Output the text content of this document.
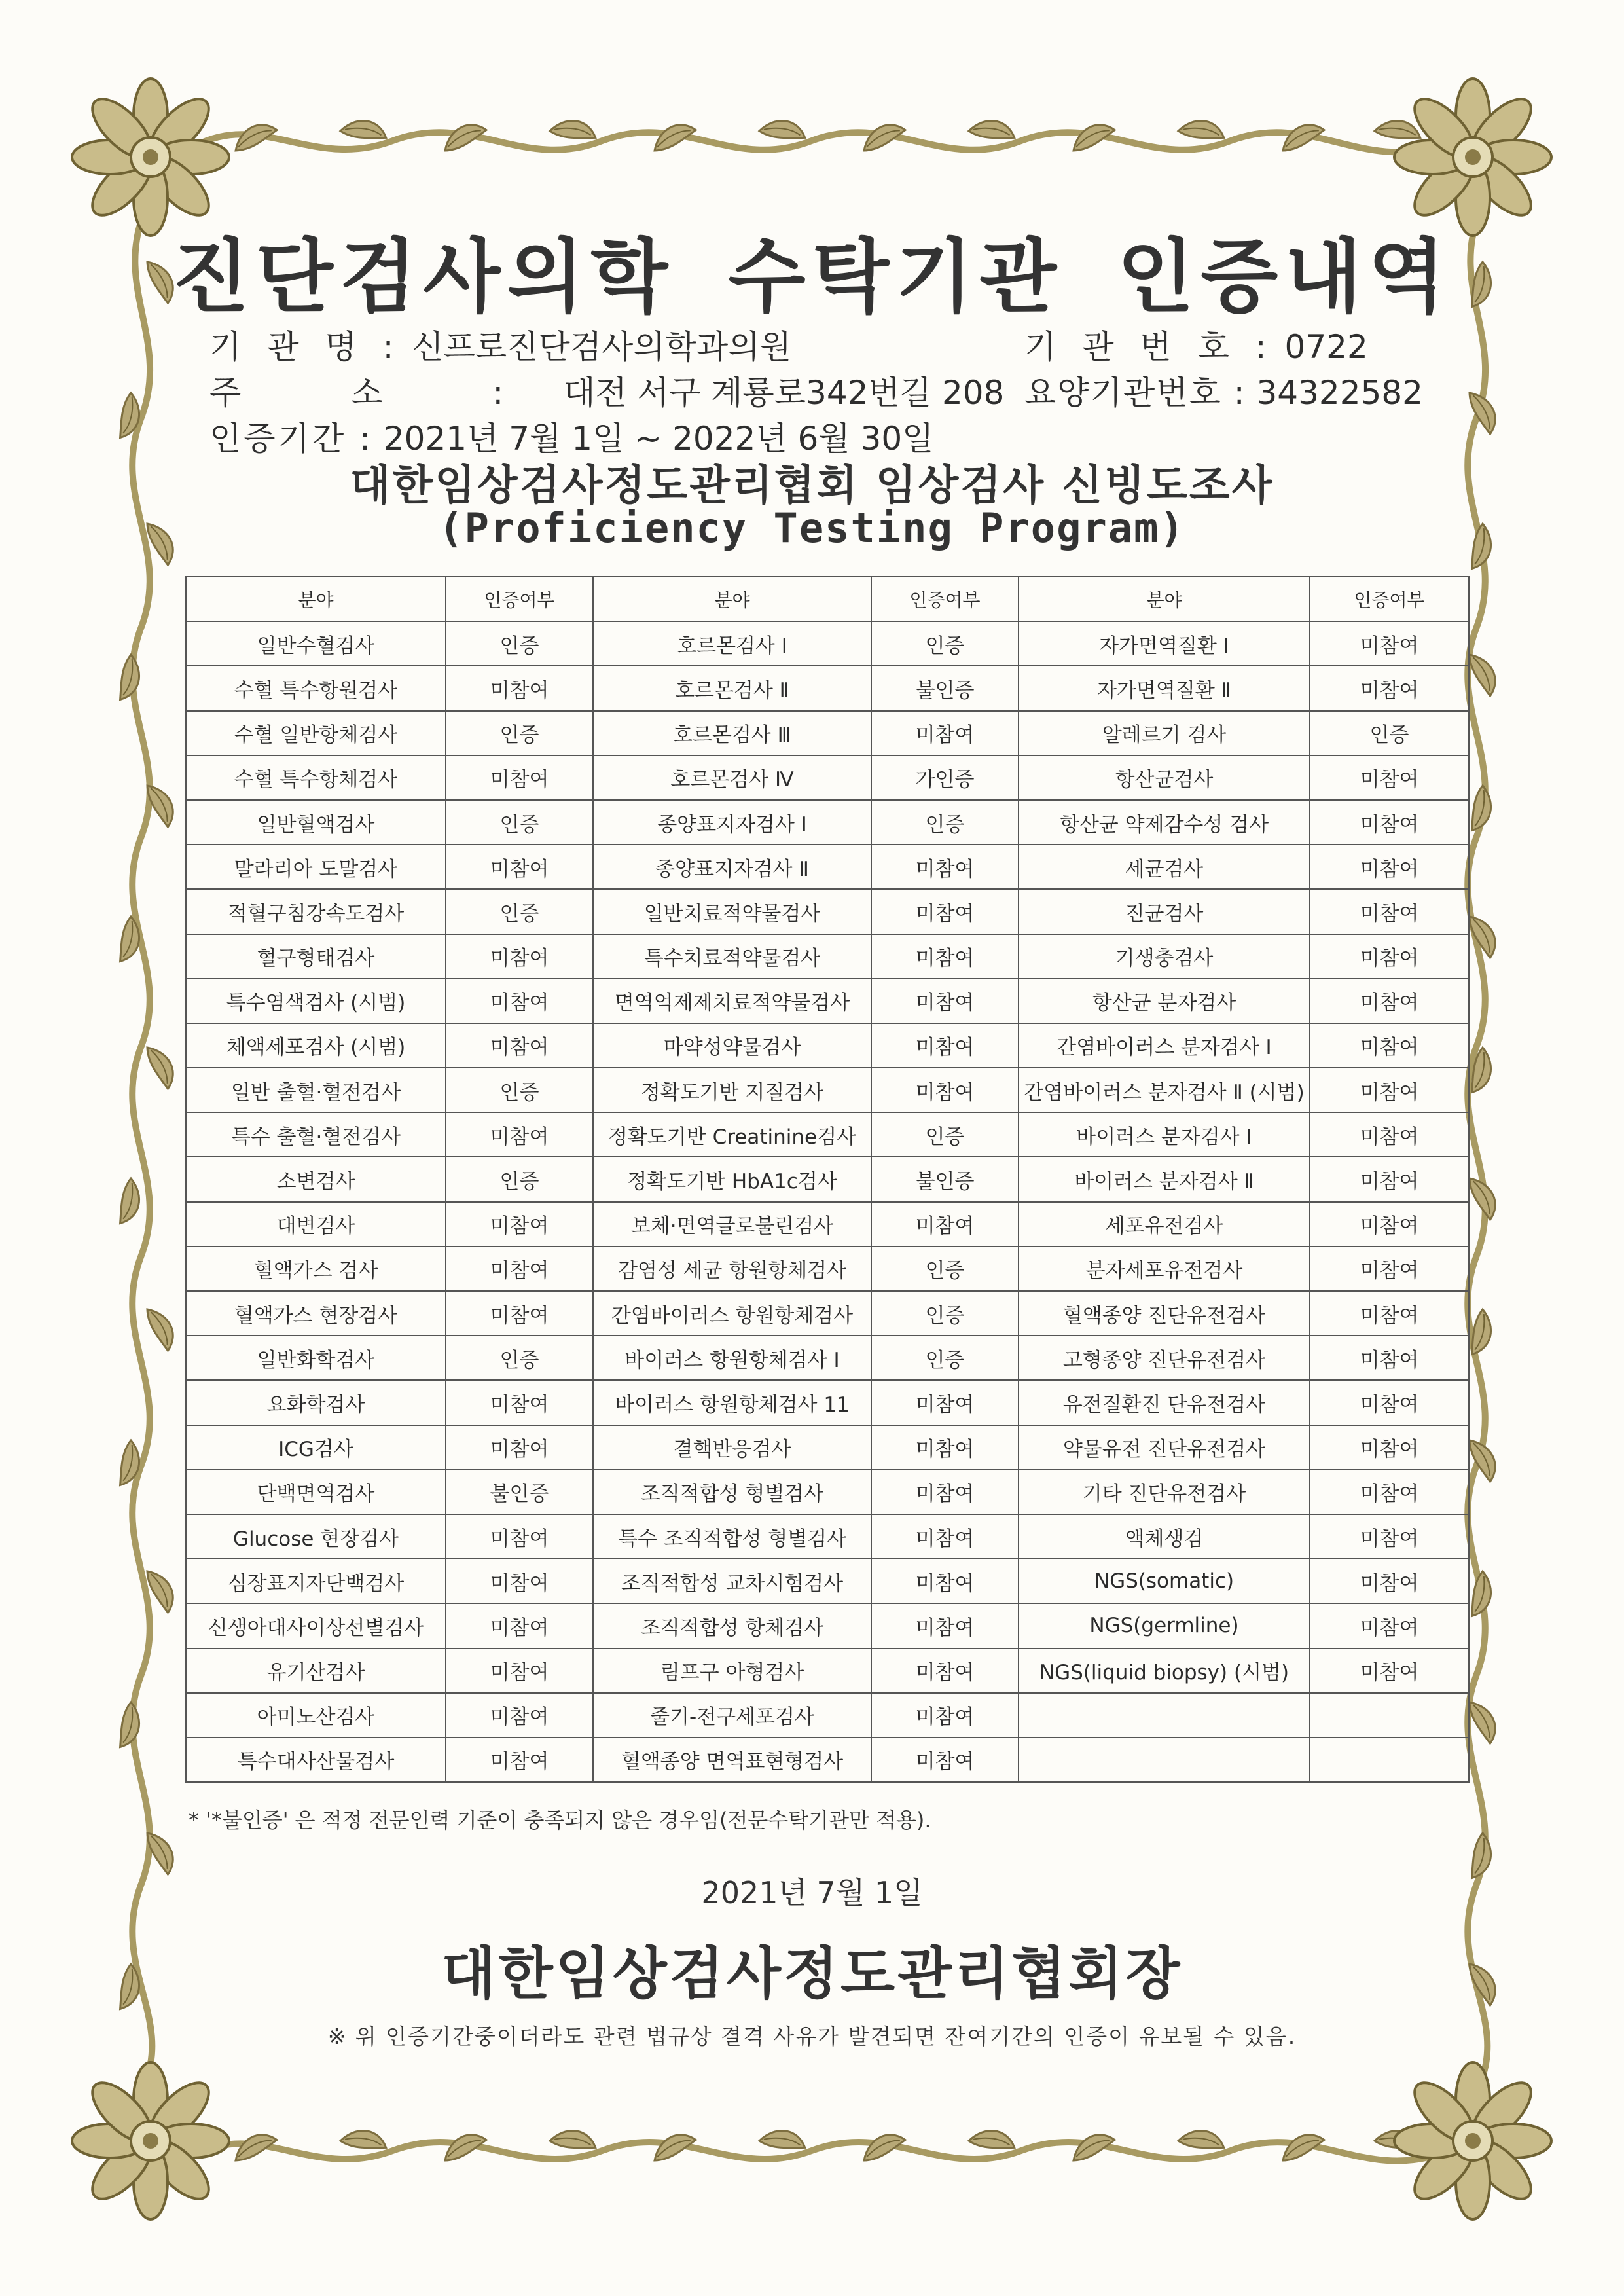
진단검사의학 수탁기관 인증내역
기 관 명 : 신프로진단검사의학과의원
주 소 : 대전 서구 계룡로342번길 208
인증기간 : 2021년 7월 1일 ~ 2022년 6월 30일
기 관 번 호 : 0722
요양기관번호 : 34322582
대한임상검사정도관리협회 임상검사 신빙도조사
(Proficiency Testing Program)
분야	인증여부	분야	인증여부	분야	인증여부
일반수혈검사	인증	호르몬검사 Ⅰ	인증	자가면역질환 Ⅰ	미참여
수혈 특수항원검사	미참여	호르몬검사 Ⅱ	불인증	자가면역질환 Ⅱ	미참여
수혈 일반항체검사	인증	호르몬검사 Ⅲ	미참여	알레르기 검사	인증
수혈 특수항체검사	미참여	호르몬검사 Ⅳ	가인증	항산균검사	미참여
일반혈액검사	인증	종양표지자검사 Ⅰ	인증	항산균 약제감수성 검사	미참여
말라리아 도말검사	미참여	종양표지자검사 Ⅱ	미참여	세균검사	미참여
적혈구침강속도검사	인증	일반치료적약물검사	미참여	진균검사	미참여
혈구형태검사	미참여	특수치료적약물검사	미참여	기생충검사	미참여
특수염색검사 (시범)	미참여	면역억제제치료적약물검사	미참여	항산균 분자검사	미참여
체액세포검사 (시범)	미참여	마약성약물검사	미참여	간염바이러스 분자검사 Ⅰ	미참여
일반 출혈·혈전검사	인증	정확도기반 지질검사	미참여	간염바이러스 분자검사 Ⅱ (시범)	미참여
특수 출혈·혈전검사	미참여	정확도기반 Creatinine검사	인증	바이러스 분자검사 Ⅰ	미참여
소변검사	인증	정확도기반 HbA1c검사	불인증	바이러스 분자검사 Ⅱ	미참여
대변검사	미참여	보체·면역글로불린검사	미참여	세포유전검사	미참여
혈액가스 검사	미참여	감염성 세균 항원항체검사	인증	분자세포유전검사	미참여
혈액가스 현장검사	미참여	간염바이러스 항원항체검사	인증	혈액종양 진단유전검사	미참여
일반화학검사	인증	바이러스 항원항체검사 Ⅰ	인증	고형종양 진단유전검사	미참여
요화학검사	미참여	바이러스 항원항체검사 11	미참여	유전질환진 단유전검사	미참여
ICG검사	미참여	결핵반응검사	미참여	약물유전 진단유전검사	미참여
단백면역검사	불인증	조직적합성 형별검사	미참여	기타 진단유전검사	미참여
Glucose 현장검사	미참여	특수 조직적합성 형별검사	미참여	액체생검	미참여
심장표지자단백검사	미참여	조직적합성 교차시험검사	미참여	NGS(somatic)	미참여
신생아대사이상선별검사	미참여	조직적합성 항체검사	미참여	NGS(germline)	미참여
유기산검사	미참여	림프구 아형검사	미참여	NGS(liquid biopsy) (시범)	미참여
아미노산검사	미참여	줄기-전구세포검사	미참여		
특수대사산물검사	미참여	혈액종양 면역표현형검사	미참여		
* '*불인증' 은 적정 전문인력 기준이 충족되지 않은 경우임(전문수탁기관만 적용).
2021년 7월 1일
대한임상검사정도관리협회장
※ 위 인증기간중이더라도 관련 법규상 결격 사유가 발견되면 잔여기간의 인증이 유보될 수 있음.
